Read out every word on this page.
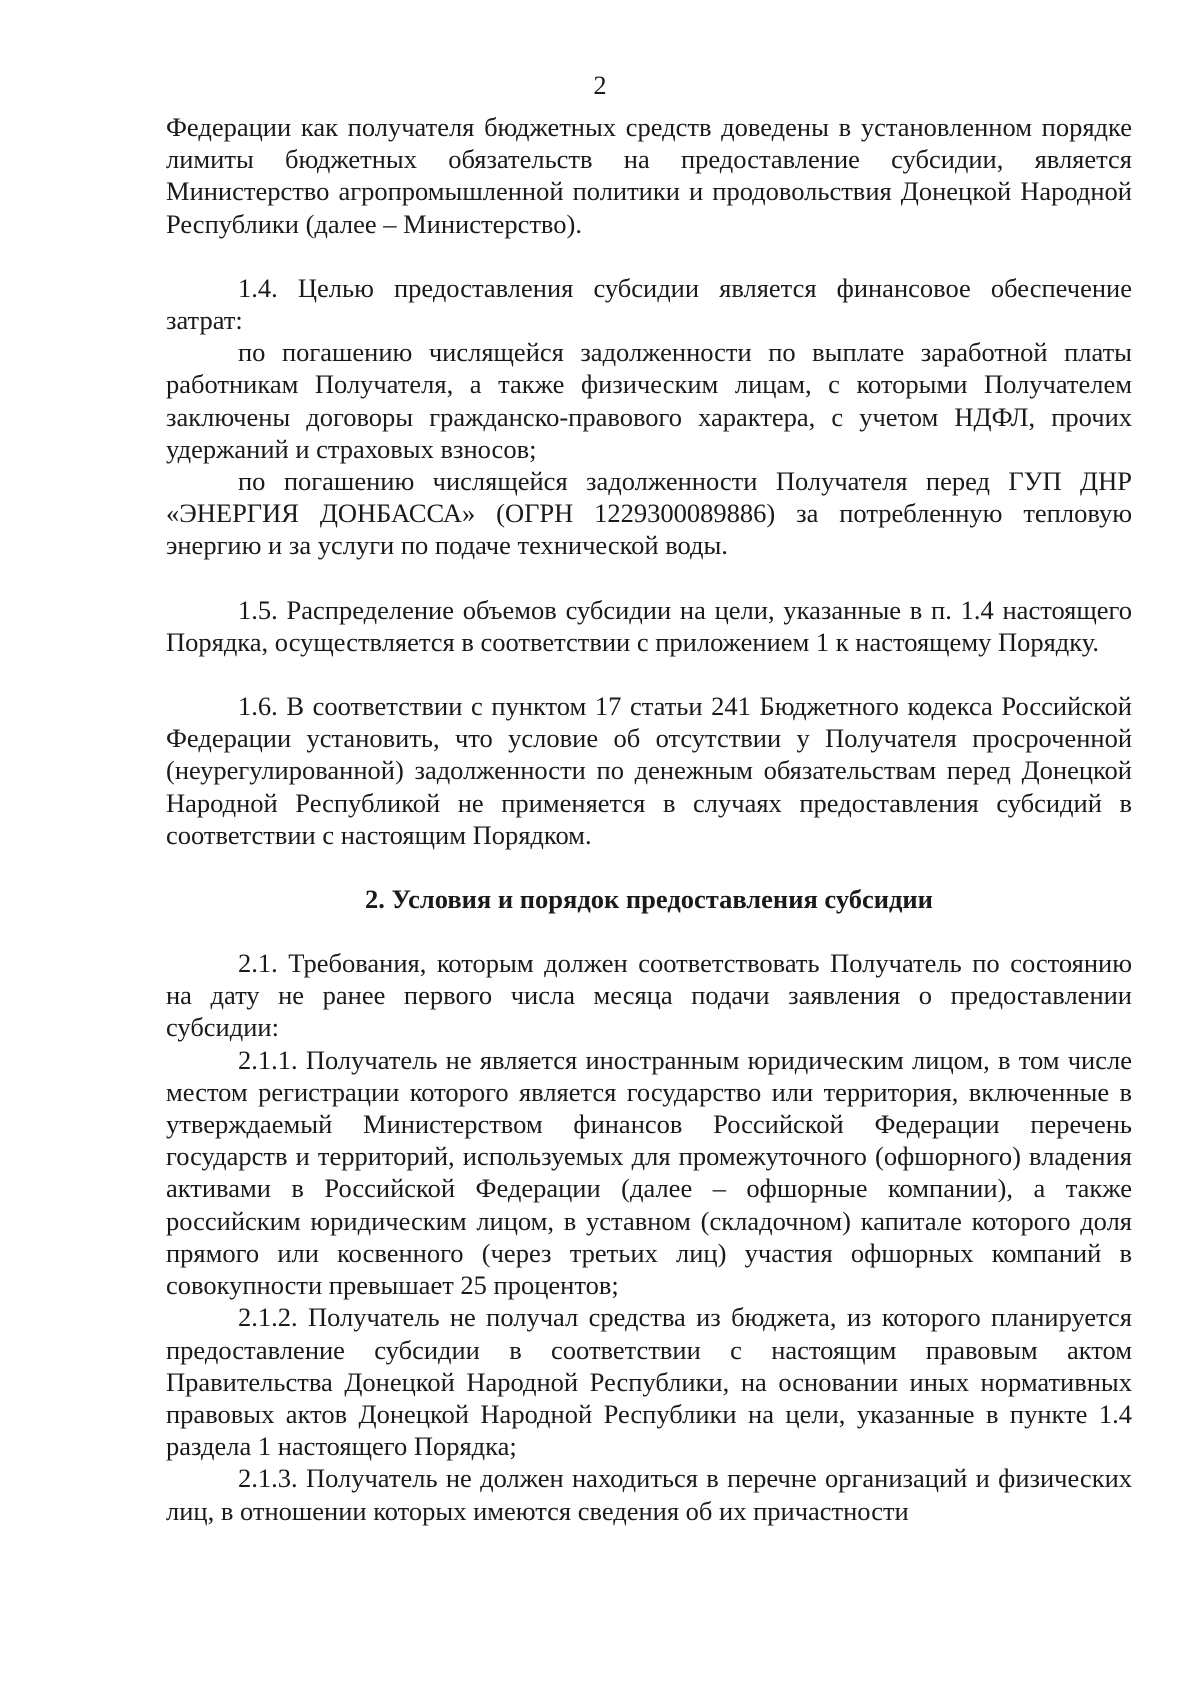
2

Федерации как получателя бюджетных средств доведены в установленном порядке лимиты бюджетных обязательств на предоставление субсидии, является Министерство агропромышленной политики и продовольствия Донецкой Народной Республики (далее – Министерство).

1.4. Целью предоставления субсидии является финансовое обеспечение затрат:

по погашению числящейся задолженности по выплате заработной платы работникам Получателя, а также физическим лицам, с которыми Получателем заключены договоры гражданско-правового характера, с учетом НДФЛ, прочих удержаний и страховых взносов;

по погашению числящейся задолженности Получателя перед ГУП ДНР «ЭНЕРГИЯ ДОНБАССА» (ОГРН 1229300089886) за потребленную тепловую энергию и за услуги по подаче технической воды.

1.5. Распределение объемов субсидии на цели, указанные в п. 1.4 настоящего Порядка, осуществляется в соответствии с приложением 1 к настоящему Порядку.

1.6. В соответствии с пунктом 17 статьи 241 Бюджетного кодекса Российской Федерации установить, что условие об отсутствии у Получателя просроченной (неурегулированной) задолженности по денежным обязательствам перед Донецкой Народной Республикой не применяется в случаях предоставления субсидий в соответствии с настоящим Порядком.

2. Условия и порядок предоставления субсидии

2.1. Требования, которым должен соответствовать Получатель по состоянию на дату не ранее первого числа месяца подачи заявления о предоставлении субсидии:

2.1.1. Получатель не является иностранным юридическим лицом, в том числе местом регистрации которого является государство или территория, включенные в утверждаемый Министерством финансов Российской Федерации перечень государств и территорий, используемых для промежуточного (офшорного) владения активами в Российской Федерации (далее – офшорные компании), а также российским юридическим лицом, в уставном (складочном) капитале которого доля прямого или косвенного (через третьих лиц) участия офшорных компаний в совокупности превышает 25 процентов;

2.1.2. Получатель не получал средства из бюджета, из которого планируется предоставление субсидии в соответствии с настоящим правовым актом Правительства Донецкой Народной Республики, на основании иных нормативных правовых актов Донецкой Народной Республики на цели, указанные в пункте 1.4 раздела 1 настоящего Порядка;

2.1.3. Получатель не должен находиться в перечне организаций и физических лиц, в отношении которых имеются сведения об их причастности
